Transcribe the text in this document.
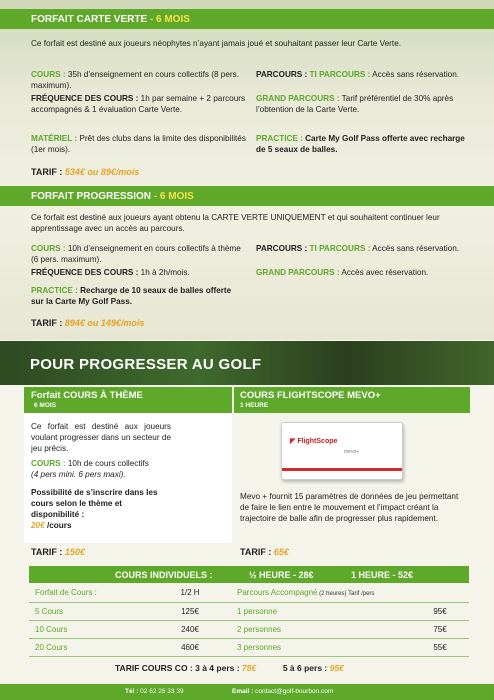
FORFAIT CARTE VERTE - 6 MOIS
Ce forfait est destiné aux joueurs néophytes n’ayant jamais joué et souhaitant passer leur Carte Verte.
COURS : 35h d’enseignement en cours collectifs (8 pers. maximum).
FRÉQUENCE DES COURS : 1h par semaine + 2 parcours accompagnés & 1 évaluation Carte Verte.
MATÉRIEL : Prêt des clubs dans la limite des disponibilités (1er mois).
PARCOURS : TI PARCOURS : Accès sans réservation.
GRAND PARCOURS : Tarif préférentiel de 30% après l’obtention de la Carte Verte.
PRACTICE : Carte My Golf Pass offerte avec recharge de 5 seaux de balles.
TARIF : 534€ ou 89€/mois
FORFAIT PROGRESSION - 6 MOIS
Ce forfait est destiné aux joueurs ayant obtenu la CARTE VERTE UNIQUEMENT et qui souhaitent continuer leur apprentissage avec un accès au parcours.
COURS : 10h d’enseignement en cours collectifs à thème (6 pers. maximum).
FRÉQUENCE DES COURS : 1h à 2h/mois.
PRACTICE : Recharge de 10 seaux de balles offerte sur la Carte My Golf Pass.
PARCOURS : TI PARCOURS : Accès sans réservation.
GRAND PARCOURS : Accès avec réservation.
TARIF : 894€ ou 149€/mois
POUR PROGRESSER AU GOLF
Forfait COURS À THÈME
6 MOIS
Ce forfait est destiné aux joueurs voulant progresser dans un secteur de jeu précis.
COURS : 10h de cours collectifs
(4 pers mini. 6 pers maxi).
Possibilité de s’inscrire dans les cours selon le thème et disponibilité :
20€ /cours
TARIF : 150€
COURS FLIGHTSCOPE MEVO+
1 HEURE
◤ FlightScope
mevo+
Mevo + fournit 15 paramètres de données de jeu permettant de faire le lien entre le mouvement et l’impact créant la trajectoire de balle afin de progresser plus rapidement.
TARIF : 65€
COURS INDIVIDUELS :	½ HEURE - 28€	1 HEURE - 52€
Forfait de Cours :	1/2 H	Parcours Accompagné (2 heures) Tarif /pers	
5 Cours	125€	1 personne	95€
10 Cours	240€	2 personnes	75€
20 Cours	460€	3 personnes	55€
TARIF COURS CO : 3 à 4 pers : 75€	5 à 6 pers : 95€
Tél : 02 62 26 33 39	Email : contact@golf-bourbon.com
